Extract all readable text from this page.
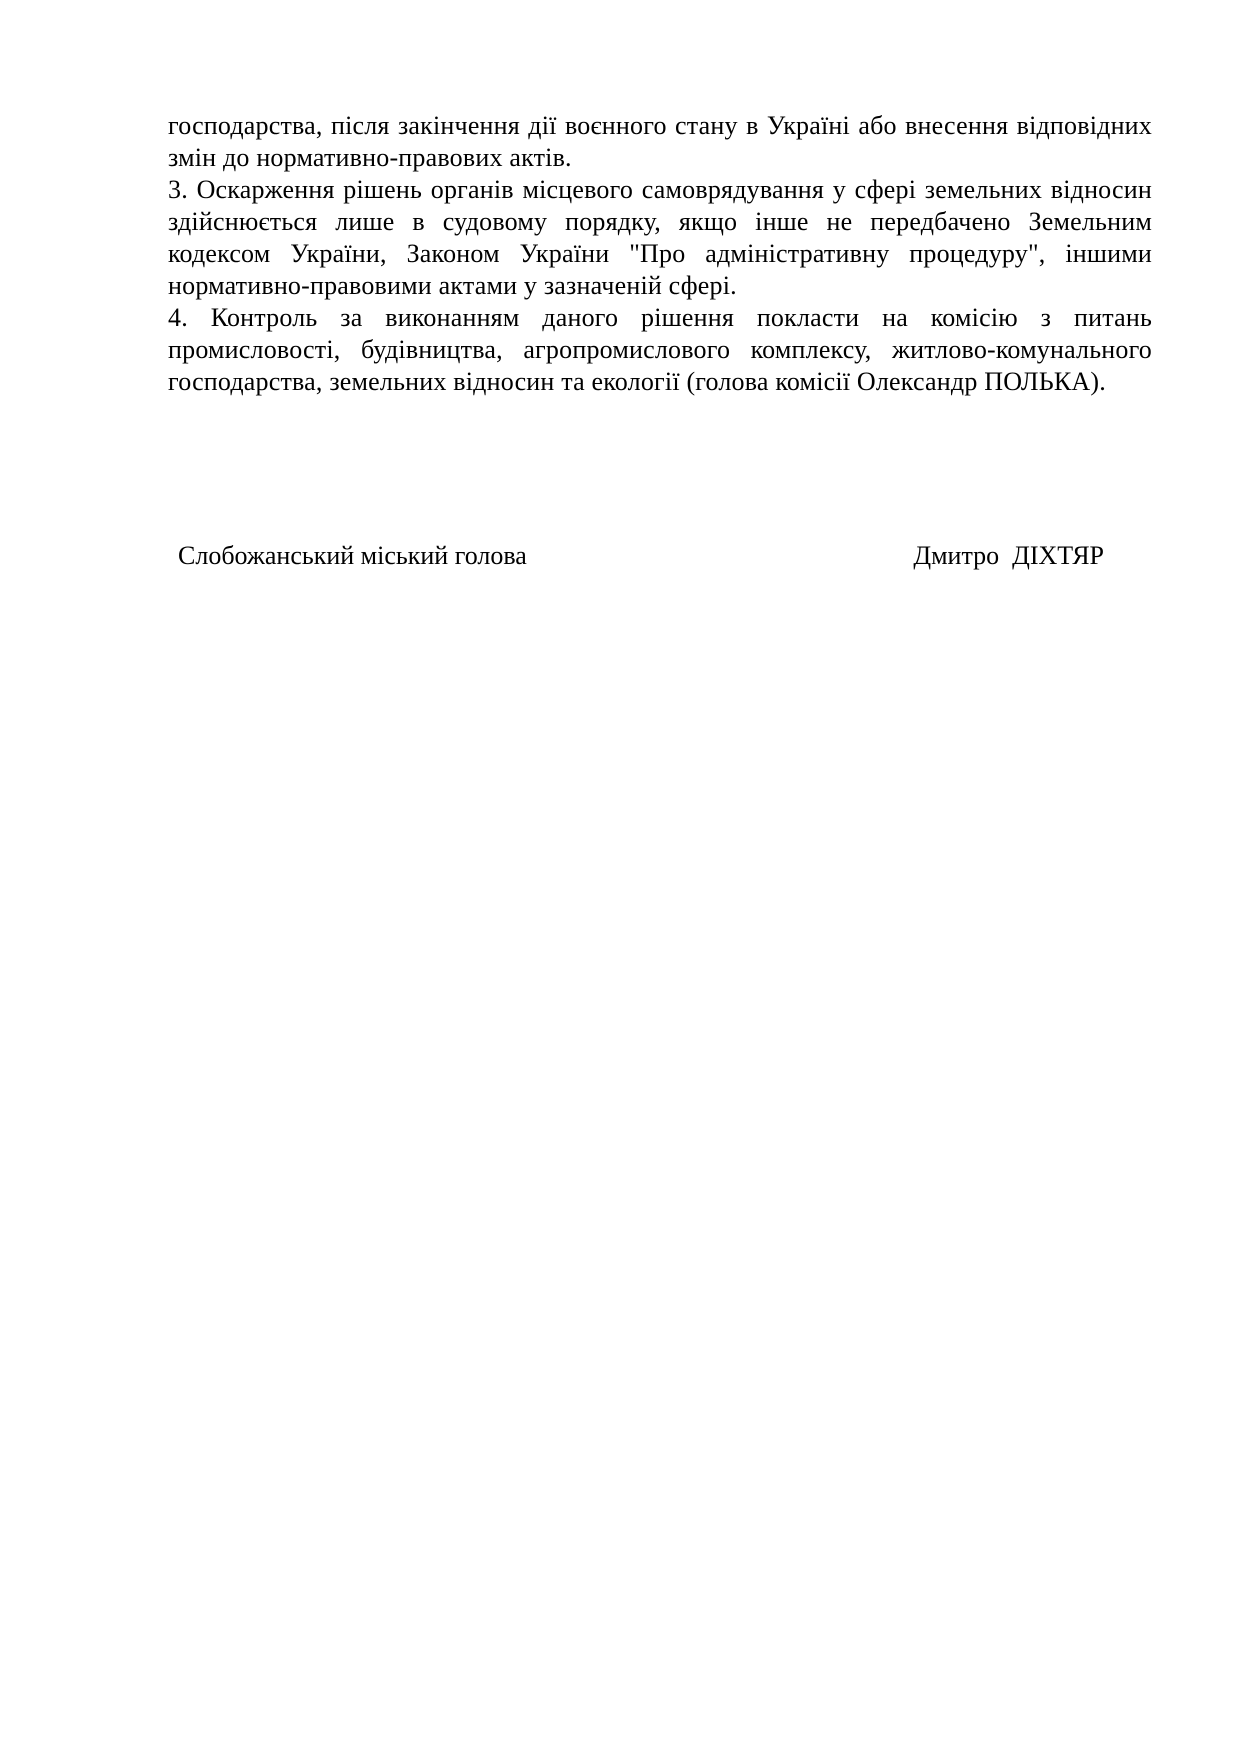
господарства, після закінчення дії воєнного стану в Україні або внесення відповідних змін до нормативно-правових актів.

3. Оскарження рішень органів місцевого самоврядування у сфері земельних відносин здійснюється лише в судовому порядку, якщо інше не передбачено Земельним кодексом України, Законом України "Про адміністративну процедуру", іншими нормативно-правовими актами у зазначеній сфері.

4. Контроль за виконанням даного рішення покласти на комісію з питань промисловості, будівництва, агропромислового комплексу, житлово-комунального господарства, земельних відносин та екології (голова комісії Олександр ПОЛЬКА).

Слобожанський міський голова	Дмитро  ДІХТЯР
